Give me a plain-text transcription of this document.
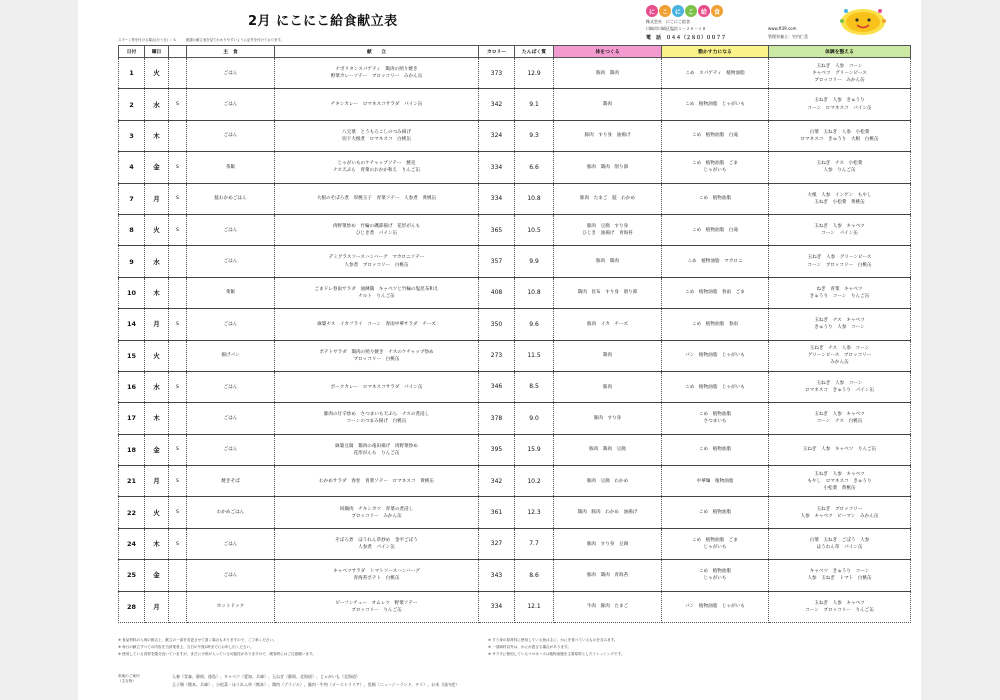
2月 にこにこ給食献立表
スプーン等を付ける場合(行う日) ＝ S	配慮の献立表を見てわかりやすいように記号を付けております。
に	こ	に	こ	給	食
株式会社　 にこにこ給食
川崎市川崎区塩浜１－２０－１８	www.ft39.com
電　話　 ０４４（２８０）００７７	管理栄養士：竹内仁美
日付	曜日		主　食	献　　立	カロリー	たんぱく質	体をつくる	動かす力になる	体調を整える
1	火		ごはん	ナポリタンスパゲティ　鶏肉の照り焼き
野菜カレーソテー　ブロッコリー　みかん缶	373	12.9	豚肉　鶏肉	こめ　スパゲティ　植物油脂	玉ねぎ　人参　コーン
キャベツ　グリーンピース
ブロッコリー　みかん缶
2	水	S	ごはん	チキンカレー　ロマネスコサラダ　パイン缶	342	9.1	鶏肉	こめ　植物油脂　じゃがいも	玉ねぎ　人参　きゅうり
コーン　ロマネスコ　パイン缶
3	木		ごはん	八宝菜　とうもろこしのつみ揚げ
切干大根煮　ロマネスコ　白桃缶	324	9.3	豚肉　すり身　油揚げ	こめ　植物油脂　白滝	白菜　玉ねぎ　人参　小松菜
ロマネスコ　きゅうり　大根　白桃缶
4	金	S	茶飯	じゃがいものケチャップソテー　焼売
ナス天ぷら　青菜のおかか和え　りんご缶	334	6.6	豚肉　鶏肉　削り節	こめ　植物油脂　ごま
じゃがいも	玉ねぎ　ナス　小松菜
人参　りんご缶
7	月	S	鮭わかめごはん	大根のそぼろ煮　厚焼玉子　青菜ソテー　人参煮　黄桃缶	334	10.8	豚肉　たまご　鮭　わかめ	こめ　植物油脂	大根　人参　インゲン　もやし
玉ねぎ　小松菜　黄桃缶
8	火	S	ごはん	肉野菜炒め　竹輪の磯部揚げ　花形がんも
ひじき煮　パイン缶	365	10.5	豚肉　豆腐　すり身
ひじき　油揚げ　青海苔	こめ　植物油脂　白滝	玉ねぎ　人参　キャベツ
コーン　パイン缶
9	水		ごはん	デミグラスソースハンバーグ　マカロニソテー
人参煮　ブロッコリー　白桃缶	357	9.9	豚肉　鶏肉	こめ　植物油脂　マカロニ	玉ねぎ　人参　グリーンピース
コーン　ブロッコリー　白桃缶
10	木		菜飯	ごまドレ春雨サラダ　油淋鶏　キャベツと竹輪の塩昆布和え
ナルト　りんご缶	408	10.8	鶏肉　昆布　すり身　削り節	こめ　植物油脂　春雨　ごま	ねぎ　青菜　キャベツ
きゅうり　コーン　りんご缶
14	月	S	ごはん	麻婆ナス　イカフライ　コーン　春雨中華サラダ　チーズ	350	9.6	豚肉　イカ　チーズ	こめ　植物油脂　春雨	玉ねぎ　ナス　キャベツ
きゅうり　人参　コーン
15	火		揚げパン	ポテトサラダ　鶏肉の照り焼き　ナスのケチャップ炒め
ブロッコリー　白桃缶	273	11.5	鶏肉	パン　植物油脂　じゃがいも	玉ねぎ　ナス　人参　コーン
グリーンピース　ブロッコリー
みかん缶
16	水	S	ごはん	ポークカレー　ロマネスコサラダ　パイン缶	346	8.5	豚肉	こめ　植物油脂　じゃがいも	玉ねぎ　人参　コーン
ロマネスコ　きゅうり　パイン缶
17	木		ごはん	豚肉の甘辛炒め　さつまいも天ぷら　ナスの煮浸し
コーンのつまみ揚げ　白桃缶	378	9.0	豚肉　すり身	こめ　植物油脂
さつまいも	玉ねぎ　人参　キャベツ
コーン　ナス　白桃缶
18	金	S	ごはん	麻婆豆腐　鶏肉の竜田揚げ　肉野菜炒め
花形がんも　りんご缶	395	15.9	豚肉　鶏肉　豆腐	こめ　植物油脂	玉ねぎ　人参　キャベツ　りんご缶
21	月	S	焼きそば	わかめサラダ　春巻　青菜ソテー　ロマネスコ　黄桃缶	342	10.2	豚肉　豆腐　わかめ	中華麺　植物油脂	玉ねぎ　人参　キャベツ
もやし　ロマネスコ　きゅうり
小松菜　黄桃缶
22	火	S	わかめごはん	回鍋肉　チキンカツ　青菜の煮浸し
ブロッコリー　みかん缶	361	12.3	鶏肉　豚肉　わかめ　油揚げ	こめ　植物油脂	玉ねぎ　ブロッコリー
人参　キャベツ　ピーマン　みかん缶
24	木	S	ごはん	そぼろ煮　ほうれん草炒め　金平ごぼう
人参煮　パイン缶	327	7.7	豚肉　すり身　豆腐	こめ　植物油脂　ごま
じゃがいも	白菜　玉ねぎ　ごぼう　人参
ほうれん草　パイン缶
25	金		ごはん	キャベツサラダ　トマトソースハンバーグ
青海苔ポテト　白桃缶	343	8.6	豚肉　鶏肉　青海苔	こめ　植物油脂
じゃがいも	キャベツ　きゅうり　コーン
人参　玉ねぎ　トマト　白桃缶
28	月		ホットドック	ビーフシチュー　オムレツ　野菜ソテー
ブロッコリー　りんご缶	334	12.1	牛肉　豚肉　たまご	パン　植物油脂　じゃがいも	玉ねぎ　人参　キャベツ
コーン　ブロッコリー　りんご缶
※ 食品材料の入荷の都合上、献立の一部を変更させて頂く場合もありますので、ご了承ください。
※ 毎日の献立すべての内容を当該業者上、当日の午後1時までにお申し出ください。
※ 使用している食材を随分良いていますが、まだに小骨が入っている可能性がありますので、喫食時にはご注意願います。
※ すり身の原材料に使用している魚は主に、かにを食べているものを含みます。
※ 一部商材以外は、かにが混ざる場合があります。
※ サラダに使用しているマヨネーズは植物油脂を主要原料としたドレッシングです。
産地のご案内
（主な物）
人参（青森、静岡、徳島）、キャベツ（愛知、兵庫）、玉ねぎ（静岡、北海道）、じゃがいも（北海道）
玉子類（熊本、兵庫）、小松菜・ほうれん草（熊本）、鶏肉（ブラジル）、豚肉・牛肉（オーストラリア）、魚類（ニュージーランド、チリ）、お米（国内産）
